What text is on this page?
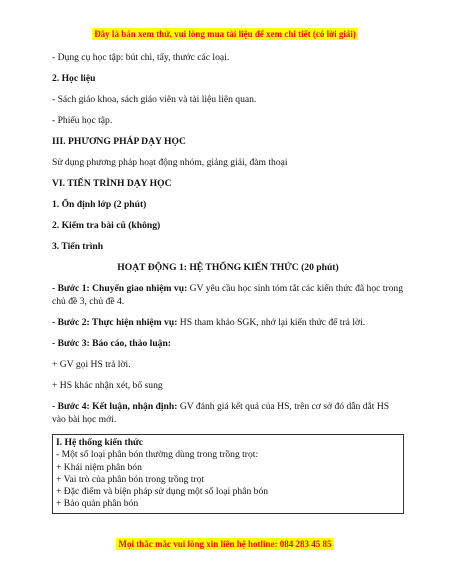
Đây là bản xem thử, vui lòng mua tài liệu để xem chi tiết (có lời giải)

- Dụng cụ học tập: bút chì, tẩy, thước các loại.

2. Học liệu

- Sách giáo khoa, sách giáo viên và tài liệu liên quan.

- Phiếu học tập.

III. PHƯƠNG PHÁP DẠY HỌC

Sử dụng phương pháp hoạt động nhóm, giảng giải, đàm thoại

VI. TIẾN TRÌNH DẠY HỌC

1. Ổn định lớp (2 phút)

2. Kiểm tra bài cũ (không)

3. Tiến trình

HOẠT ĐỘNG 1: HỆ THỐNG KIẾN THỨC (20 phút)

- Bước 1: Chuyển giao nhiệm vụ: GV yêu cầu học sinh tóm tắt các kiến thức đã học trong chủ đề 3, chủ đề 4.

- Bước 2: Thực hiện nhiệm vụ: HS tham khảo SGK, nhớ lại kiến thức để trả lời.

- Bước 3: Báo cáo, thảo luận:

+ GV gọi HS trả lời.

+ HS khác nhận xét, bổ sung

- Bước 4: Kết luận, nhận định: GV đánh giá kết quả của HS, trên cơ sở đó dẫn dắt HS vào bài học mới.

I. Hệ thống kiến thức
- Một số loại phân bón thường dùng trong trồng trọt:
+ Khái niệm phân bón
+ Vai trò của phân bón trong trồng trọt
+ Đặc điểm và biện pháp sử dụng một số loại phân bón
+ Bảo quản phân bón
Mọi thắc mắc vui lòng xin liên hệ hotline: 084 283 45 85
